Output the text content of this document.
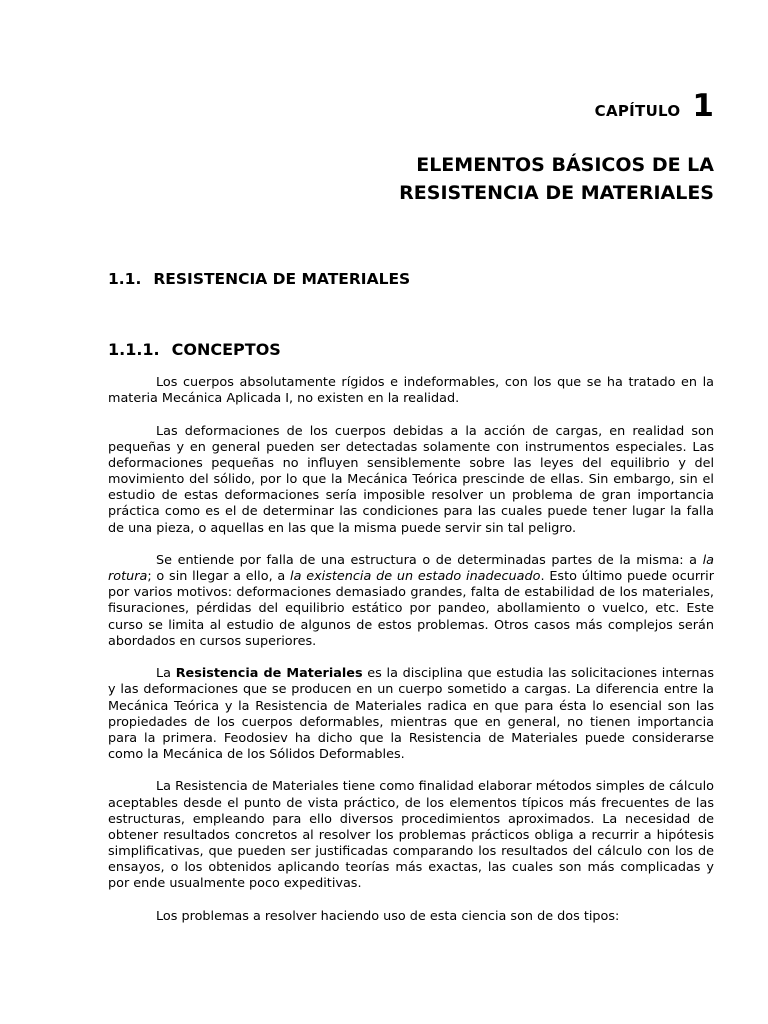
CAPÍTULO 1
ELEMENTOS BÁSICOS DE LA
RESISTENCIA DE MATERIALES
1.1. RESISTENCIA DE MATERIALES
1.1.1. CONCEPTOS

Los cuerpos absolutamente rígidos e indeformables, con los que se ha tratado en la materia Mecánica Aplicada I, no existen en la realidad.

Las deformaciones de los cuerpos debidas a la acción de cargas, en realidad son pequeñas y en general pueden ser detectadas solamente con instrumentos especiales. Las deformaciones pequeñas no influyen sensiblemente sobre las leyes del equilibrio y del movimiento del sólido, por lo que la Mecánica Teórica prescinde de ellas. Sin embargo, sin el estudio de estas deformaciones sería imposible resolver un problema de gran importancia práctica como es el de determinar las condiciones para las cuales puede tener lugar la falla de una pieza, o aquellas en las que la misma puede servir sin tal peligro.

Se entiende por falla de una estructura o de determinadas partes de la misma: a la rotura; o sin llegar a ello, a la existencia de un estado inadecuado. Esto último puede ocurrir por varios motivos: deformaciones demasiado grandes, falta de estabilidad de los materiales, fisuraciones, pérdidas del equilibrio estático por pandeo, abollamiento o vuelco, etc. Este curso se limita al estudio de algunos de estos problemas. Otros casos más complejos serán abordados en cursos superiores.

La Resistencia de Materiales es la disciplina que estudia las solicitaciones internas y las deformaciones que se producen en un cuerpo sometido a cargas. La diferencia entre la Mecánica Teórica y la Resistencia de Materiales radica en que para ésta lo esencial son las propiedades de los cuerpos deformables, mientras que en general, no tienen importancia para la primera. Feodosiev ha dicho que la Resistencia de Materiales puede considerarse como la Mecánica de los Sólidos Deformables.

La Resistencia de Materiales tiene como finalidad elaborar métodos simples de cálculo aceptables desde el punto de vista práctico, de los elementos típicos más frecuentes de las estructuras, empleando para ello diversos procedimientos aproximados. La necesidad de obtener resultados concretos al resolver los problemas prácticos obliga a recurrir a hipótesis simplificativas, que pueden ser justificadas comparando los resultados del cálculo con los de ensayos, o los obtenidos aplicando teorías más exactas, las cuales son más complicadas y por ende usualmente poco expeditivas.

Los problemas a resolver haciendo uso de esta ciencia son de dos tipos:
